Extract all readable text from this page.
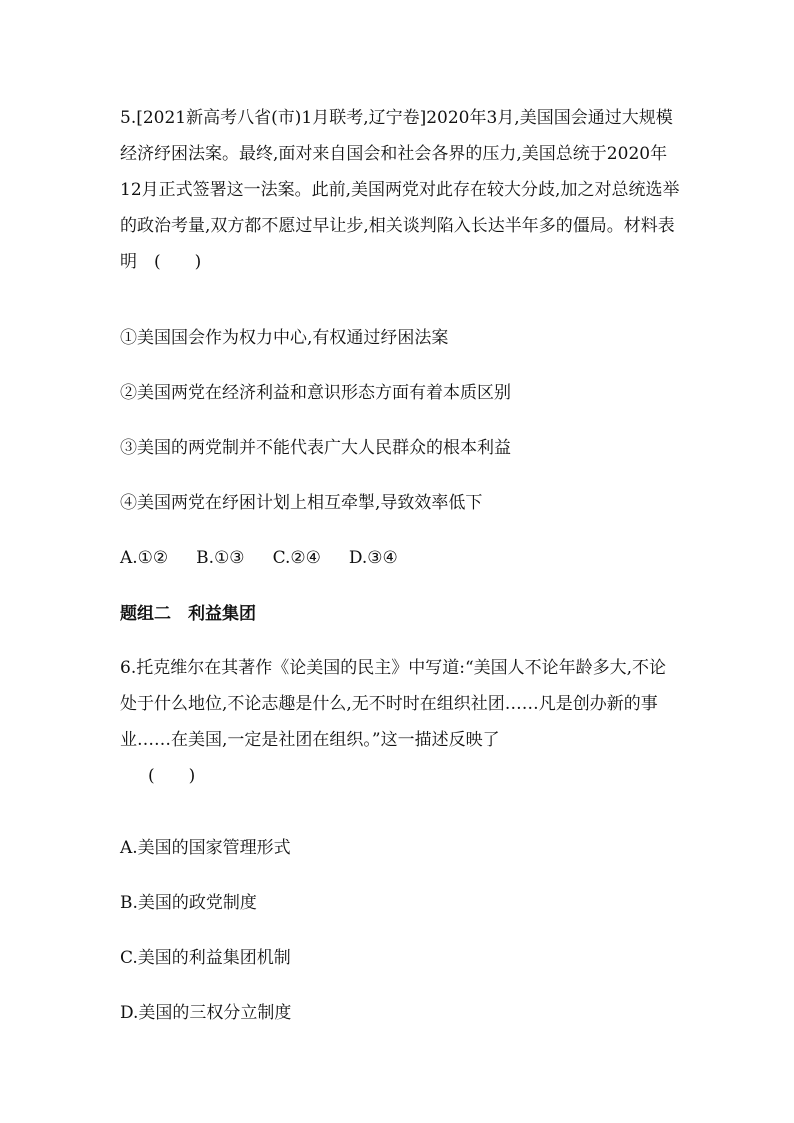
5.[2021新高考八省(市)1月联考,辽宁卷]2020年3月,美国国会通过大规模经济纾困法案。最终,面对来自国会和社会各界的压力,美国总统于2020年12月正式签署这一法案。此前,美国两党对此存在较大分歧,加之对总统选举的政治考量,双方都不愿过早让步,相关谈判陷入长达半年多的僵局。材料表明　(　　)

①美国国会作为权力中心,有权通过纾困法案

②美国两党在经济利益和意识形态方面有着本质区别

③美国的两党制并不能代表广大人民群众的根本利益

④美国两党在纾困计划上相互牵掣,导致效率低下

A.①② B.①③ C.②④ D.③④
题组二　利益集团

6.托克维尔在其著作《论美国的民主》中写道:“美国人不论年龄多大,不论处于什么地位,不论志趣是什么,无不时时在组织社团……凡是创办新的事业……在美国,一定是社团在组织。”这一描述反映了

(　　)

A.美国的国家管理形式

B.美国的政党制度

C.美国的利益集团机制

D.美国的三权分立制度
